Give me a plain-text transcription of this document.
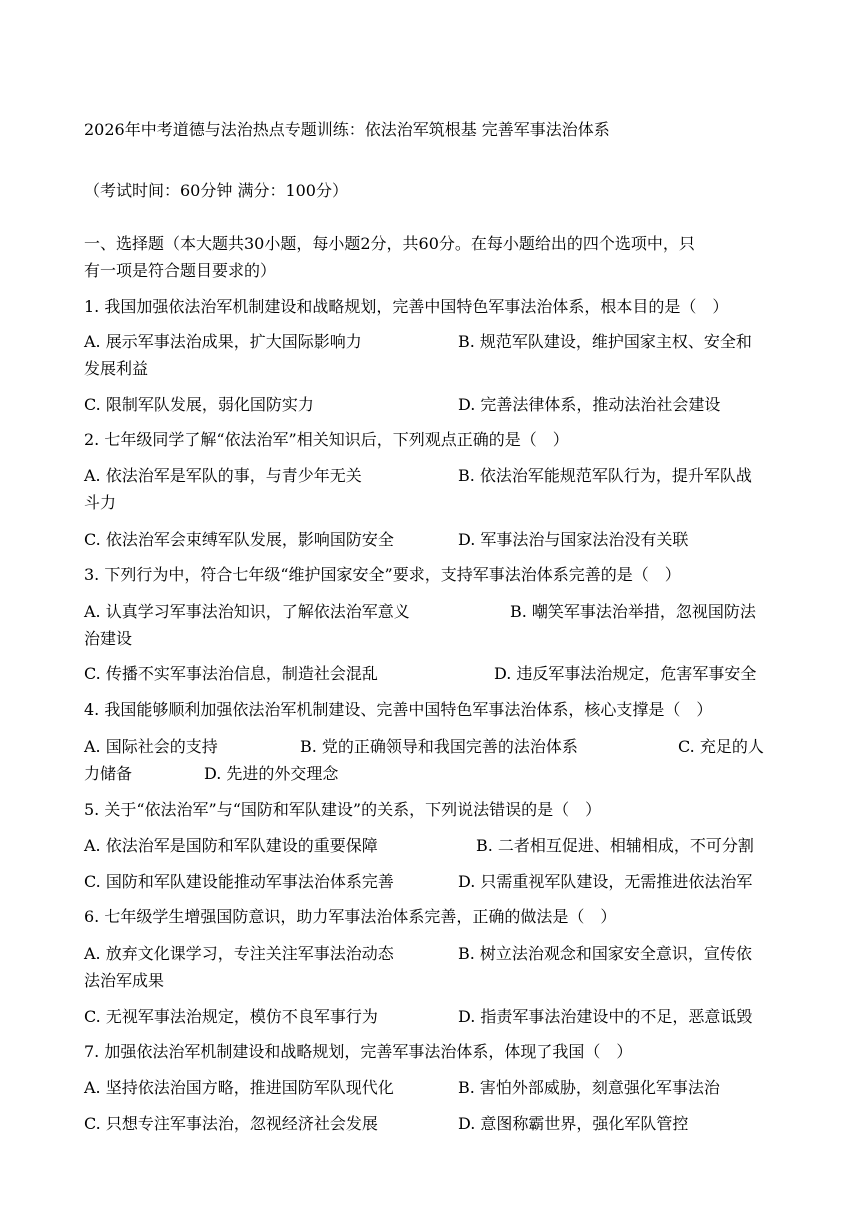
2026年中考道德与法治热点专题训练：依法治军筑根基 完善军事法治体系
（考试时间：60分钟 满分：100分）
一、选择题（本大题共30小题，每小题2分，共60分。在每小题给出的四个选项中，只
有一项是符合题目要求的）
1. 我国加强依法治军机制建设和战略规划，完善中国特色军事法治体系，根本目的是（　）
A. 展示军事法治成果，扩大国际影响力	B. 规范军队建设，维护国家主权、安全和
发展利益
C. 限制军队发展，弱化国防实力	D. 完善法律体系，推动法治社会建设
2. 七年级同学了解“依法治军”相关知识后，下列观点正确的是（　）
A. 依法治军是军队的事，与青少年无关	B. 依法治军能规范军队行为，提升军队战
斗力
C. 依法治军会束缚军队发展，影响国防安全	D. 军事法治与国家法治没有关联
3. 下列行为中，符合七年级“维护国家安全”要求，支持军事法治体系完善的是（　）
A. 认真学习军事法治知识，了解依法治军意义	B. 嘲笑军事法治举措，忽视国防法
治建设
C. 传播不实军事法治信息，制造社会混乱	D. 违反军事法治规定，危害军事安全
4. 我国能够顺利加强依法治军机制建设、完善中国特色军事法治体系，核心支撑是（　）
A. 国际社会的支持	B. 党的正确领导和我国完善的法治体系	C. 充足的人
力储备	D. 先进的外交理念
5. 关于“依法治军”与“国防和军队建设”的关系，下列说法错误的是（　）
A. 依法治军是国防和军队建设的重要保障	B. 二者相互促进、相辅相成，不可分割
C. 国防和军队建设能推动军事法治体系完善	D. 只需重视军队建设，无需推进依法治军
6. 七年级学生增强国防意识，助力军事法治体系完善，正确的做法是（　）
A. 放弃文化课学习，专注关注军事法治动态	B. 树立法治观念和国家安全意识，宣传依
法治军成果
C. 无视军事法治规定，模仿不良军事行为	D. 指责军事法治建设中的不足，恶意诋毁
7. 加强依法治军机制建设和战略规划，完善军事法治体系，体现了我国（　）
A. 坚持依法治国方略，推进国防军队现代化	B. 害怕外部威胁，刻意强化军事法治
C. 只想专注军事法治，忽视经济社会发展	D. 意图称霸世界，强化军队管控
